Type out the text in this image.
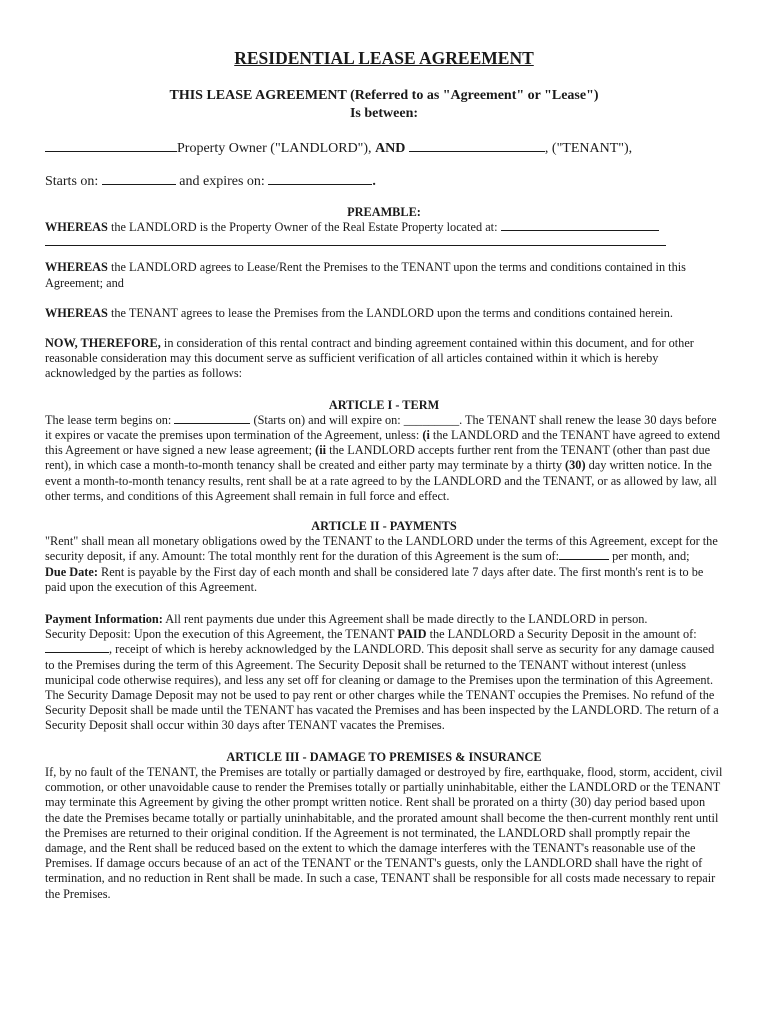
RESIDENTIAL LEASE AGREEMENT
THIS LEASE AGREEMENT (Referred to as "Agreement" or "Lease")
Is between:
Property Owner ("LANDLORD"), AND	, ("TENANT"),
Starts on:	and expires on:	.
PREAMBLE:

WHEREAS the LANDLORD is the Property Owner of the Real Estate Property located at:

WHEREAS the LANDLORD agrees to Lease/Rent the Premises to the TENANT upon the terms and conditions contained in this Agreement; and

WHEREAS the TENANT agrees to lease the Premises from the LANDLORD upon the terms and conditions contained herein.

NOW, THEREFORE, in consideration of this rental contract and binding agreement contained within this document, and for other reasonable consideration may this document serve as sufficient verification of all articles contained within it which is hereby acknowledged by the parties as follows:

ARTICLE I - TERM

The lease term begins on:	(Starts on) and will expire on: _________. The TENANT shall renew the lease 30 days before it expires or vacate the premises upon termination of the Agreement, unless: (i the LANDLORD and the TENANT have agreed to extend this Agreement or have signed a new lease agreement; (ii the LANDLORD accepts further rent from the TENANT (other than past due rent), in which case a month-to-month tenancy shall be created and either party may terminate by a thirty (30) day written notice. In the event a month-to-month tenancy results, rent shall be at a rate agreed to by the LANDLORD and the TENANT, or as allowed by law, all other terms, and conditions of this Agreement shall remain in full force and effect.

ARTICLE II - PAYMENTS

"Rent" shall mean all monetary obligations owed by the TENANT to the LANDLORD under the terms of this Agreement, except for the security deposit, if any. Amount: The total monthly rent for the duration of this Agreement is the sum of:	per month, and;

Due Date: Rent is payable by the First day of each month and shall be considered late 7 days after date. The first month's rent is to be paid upon the execution of this Agreement.

Payment Information: All rent payments due under this Agreement shall be made directly to the LANDLORD in person.

Security Deposit: Upon the execution of this Agreement, the TENANT PAID the LANDLORD a Security Deposit in the amount of: , receipt of which is hereby acknowledged by the LANDLORD. This deposit shall serve as security for any damage caused to the Premises during the term of this Agreement. The Security Deposit shall be returned to the TENANT without interest (unless municipal code otherwise requires), and less any set off for cleaning or damage to the Premises upon the termination of this Agreement. The Security Damage Deposit may not be used to pay rent or other charges while the TENANT occupies the Premises. No refund of the Security Deposit shall be made until the TENANT has vacated the Premises and has been inspected by the LANDLORD. The return of a Security Deposit shall occur within 30 days after TENANT vacates the Premises.

ARTICLE III - DAMAGE TO PREMISES & INSURANCE

If, by no fault of the TENANT, the Premises are totally or partially damaged or destroyed by fire, earthquake, flood, storm, accident, civil commotion, or other unavoidable cause to render the Premises totally or partially uninhabitable, either the LANDLORD or the TENANT may terminate this Agreement by giving the other prompt written notice. Rent shall be prorated on a thirty (30) day period based upon the date the Premises became totally or partially uninhabitable, and the prorated amount shall become the then-current monthly rent until the Premises are returned to their original condition. If the Agreement is not terminated, the LANDLORD shall promptly repair the damage, and the Rent shall be reduced based on the extent to which the damage interferes with the TENANT's reasonable use of the Premises. If damage occurs because of an act of the TENANT or the TENANT's guests, only the LANDLORD shall have the right of termination, and no reduction in Rent shall be made. In such a case, TENANT shall be responsible for all costs made necessary to repair the Premises.
